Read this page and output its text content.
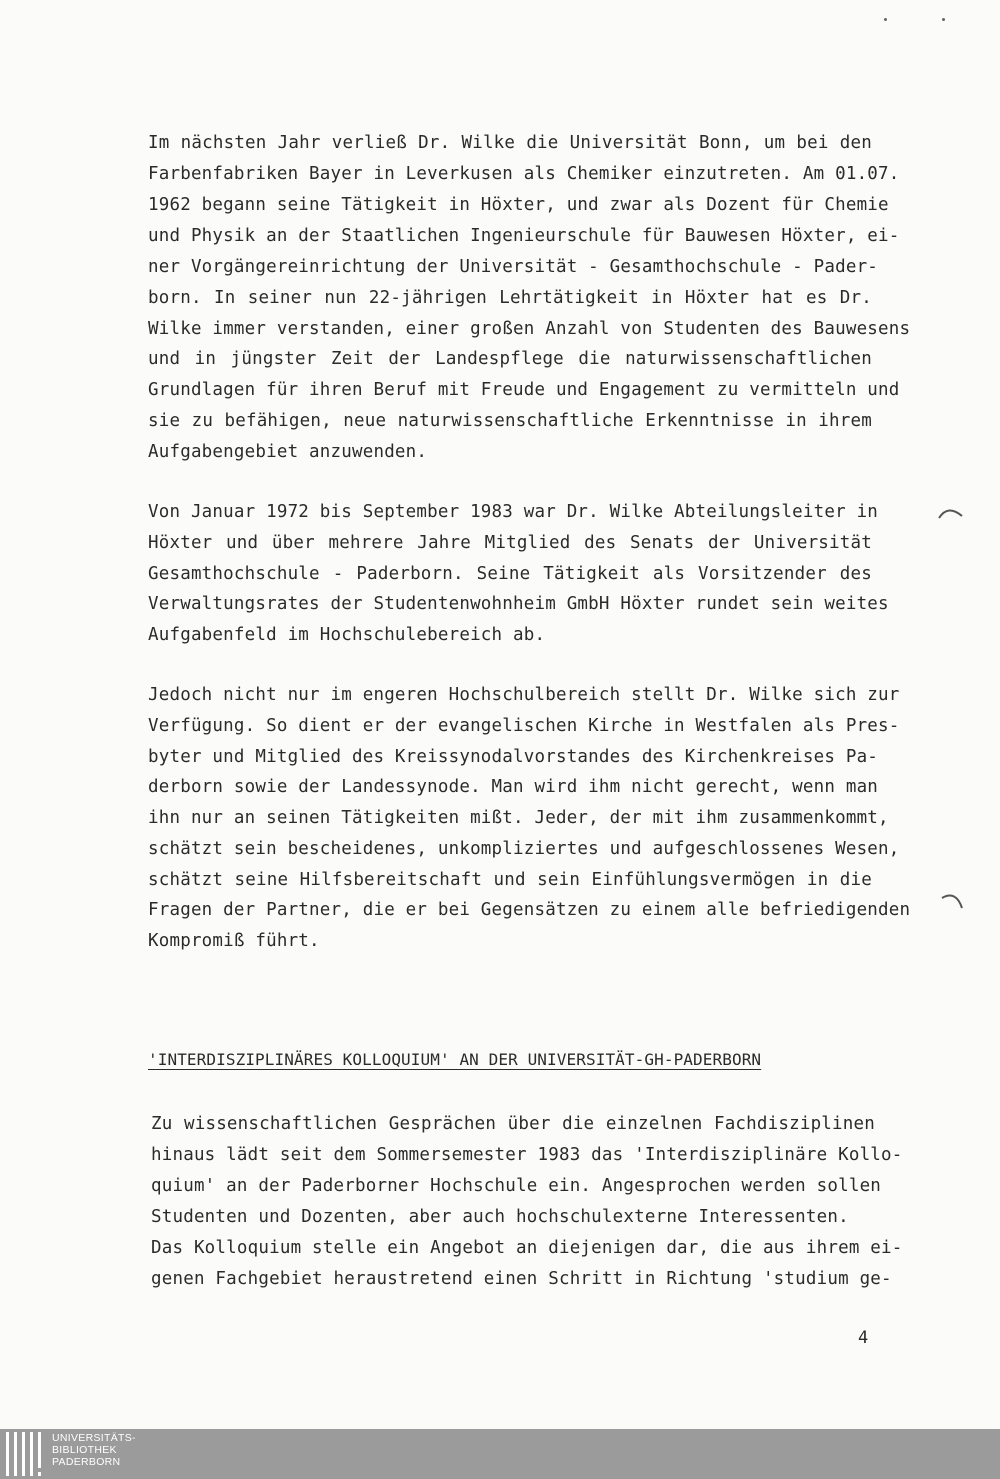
Im nächsten Jahr verließ Dr. Wilke die Universität Bonn, um bei den
Farbenfabriken Bayer in Leverkusen als Chemiker einzutreten. Am 01.07.
1962 begann seine Tätigkeit in Höxter, und zwar als Dozent für Chemie
und Physik an der Staatlichen Ingenieurschule für Bauwesen Höxter, ei-
ner Vorgängereinrichtung der Universität - Gesamthochschule - Pader-
born. In seiner nun 22-jährigen Lehrtätigkeit in Höxter hat es Dr.
Wilke immer verstanden, einer großen Anzahl von Studenten des Bauwesens
und in jüngster Zeit der Landespflege die naturwissenschaftlichen
Grundlagen für ihren Beruf mit Freude und Engagement zu vermitteln und
sie zu befähigen, neue naturwissenschaftliche Erkenntnisse in ihrem
Aufgabengebiet anzuwenden.
Von Januar 1972 bis September 1983 war Dr. Wilke Abteilungsleiter in
Höxter und über mehrere Jahre Mitglied des Senats der Universität
Gesamthochschule - Paderborn. Seine Tätigkeit als Vorsitzender des
Verwaltungsrates der Studentenwohnheim GmbH Höxter rundet sein weites
Aufgabenfeld im Hochschulebereich ab.
Jedoch nicht nur im engeren Hochschulbereich stellt Dr. Wilke sich zur
Verfügung. So dient er der evangelischen Kirche in Westfalen als Pres-
byter und Mitglied des Kreissynodalvorstandes des Kirchenkreises Pa-
derborn sowie der Landessynode. Man wird ihm nicht gerecht, wenn man
ihn nur an seinen Tätigkeiten mißt. Jeder, der mit ihm zusammenkommt,
schätzt sein bescheidenes, unkompliziertes und aufgeschlossenes Wesen,
schätzt seine Hilfsbereitschaft und sein Einfühlungsvermögen in die
Fragen der Partner, die er bei Gegensätzen zu einem alle befriedigenden
Kompromiß führt.
'INTERDISZIPLINÄRES KOLLOQUIUM' AN DER UNIVERSITÄT-GH-PADERBORN
Zu wissenschaftlichen Gesprächen über die einzelnen Fachdisziplinen
hinaus lädt seit dem Sommersemester 1983 das 'Interdisziplinäre Kollo-
quium' an der Paderborner Hochschule ein. Angesprochen werden sollen
Studenten und Dozenten, aber auch hochschulexterne Interessenten.
Das Kolloquium stelle ein Angebot an diejenigen dar, die aus ihrem ei-
genen Fachgebiet heraustretend einen Schritt in Richtung 'studium ge-
4
UNIVERSITÄTS-
BIBLIOTHEK
PADERBORN
